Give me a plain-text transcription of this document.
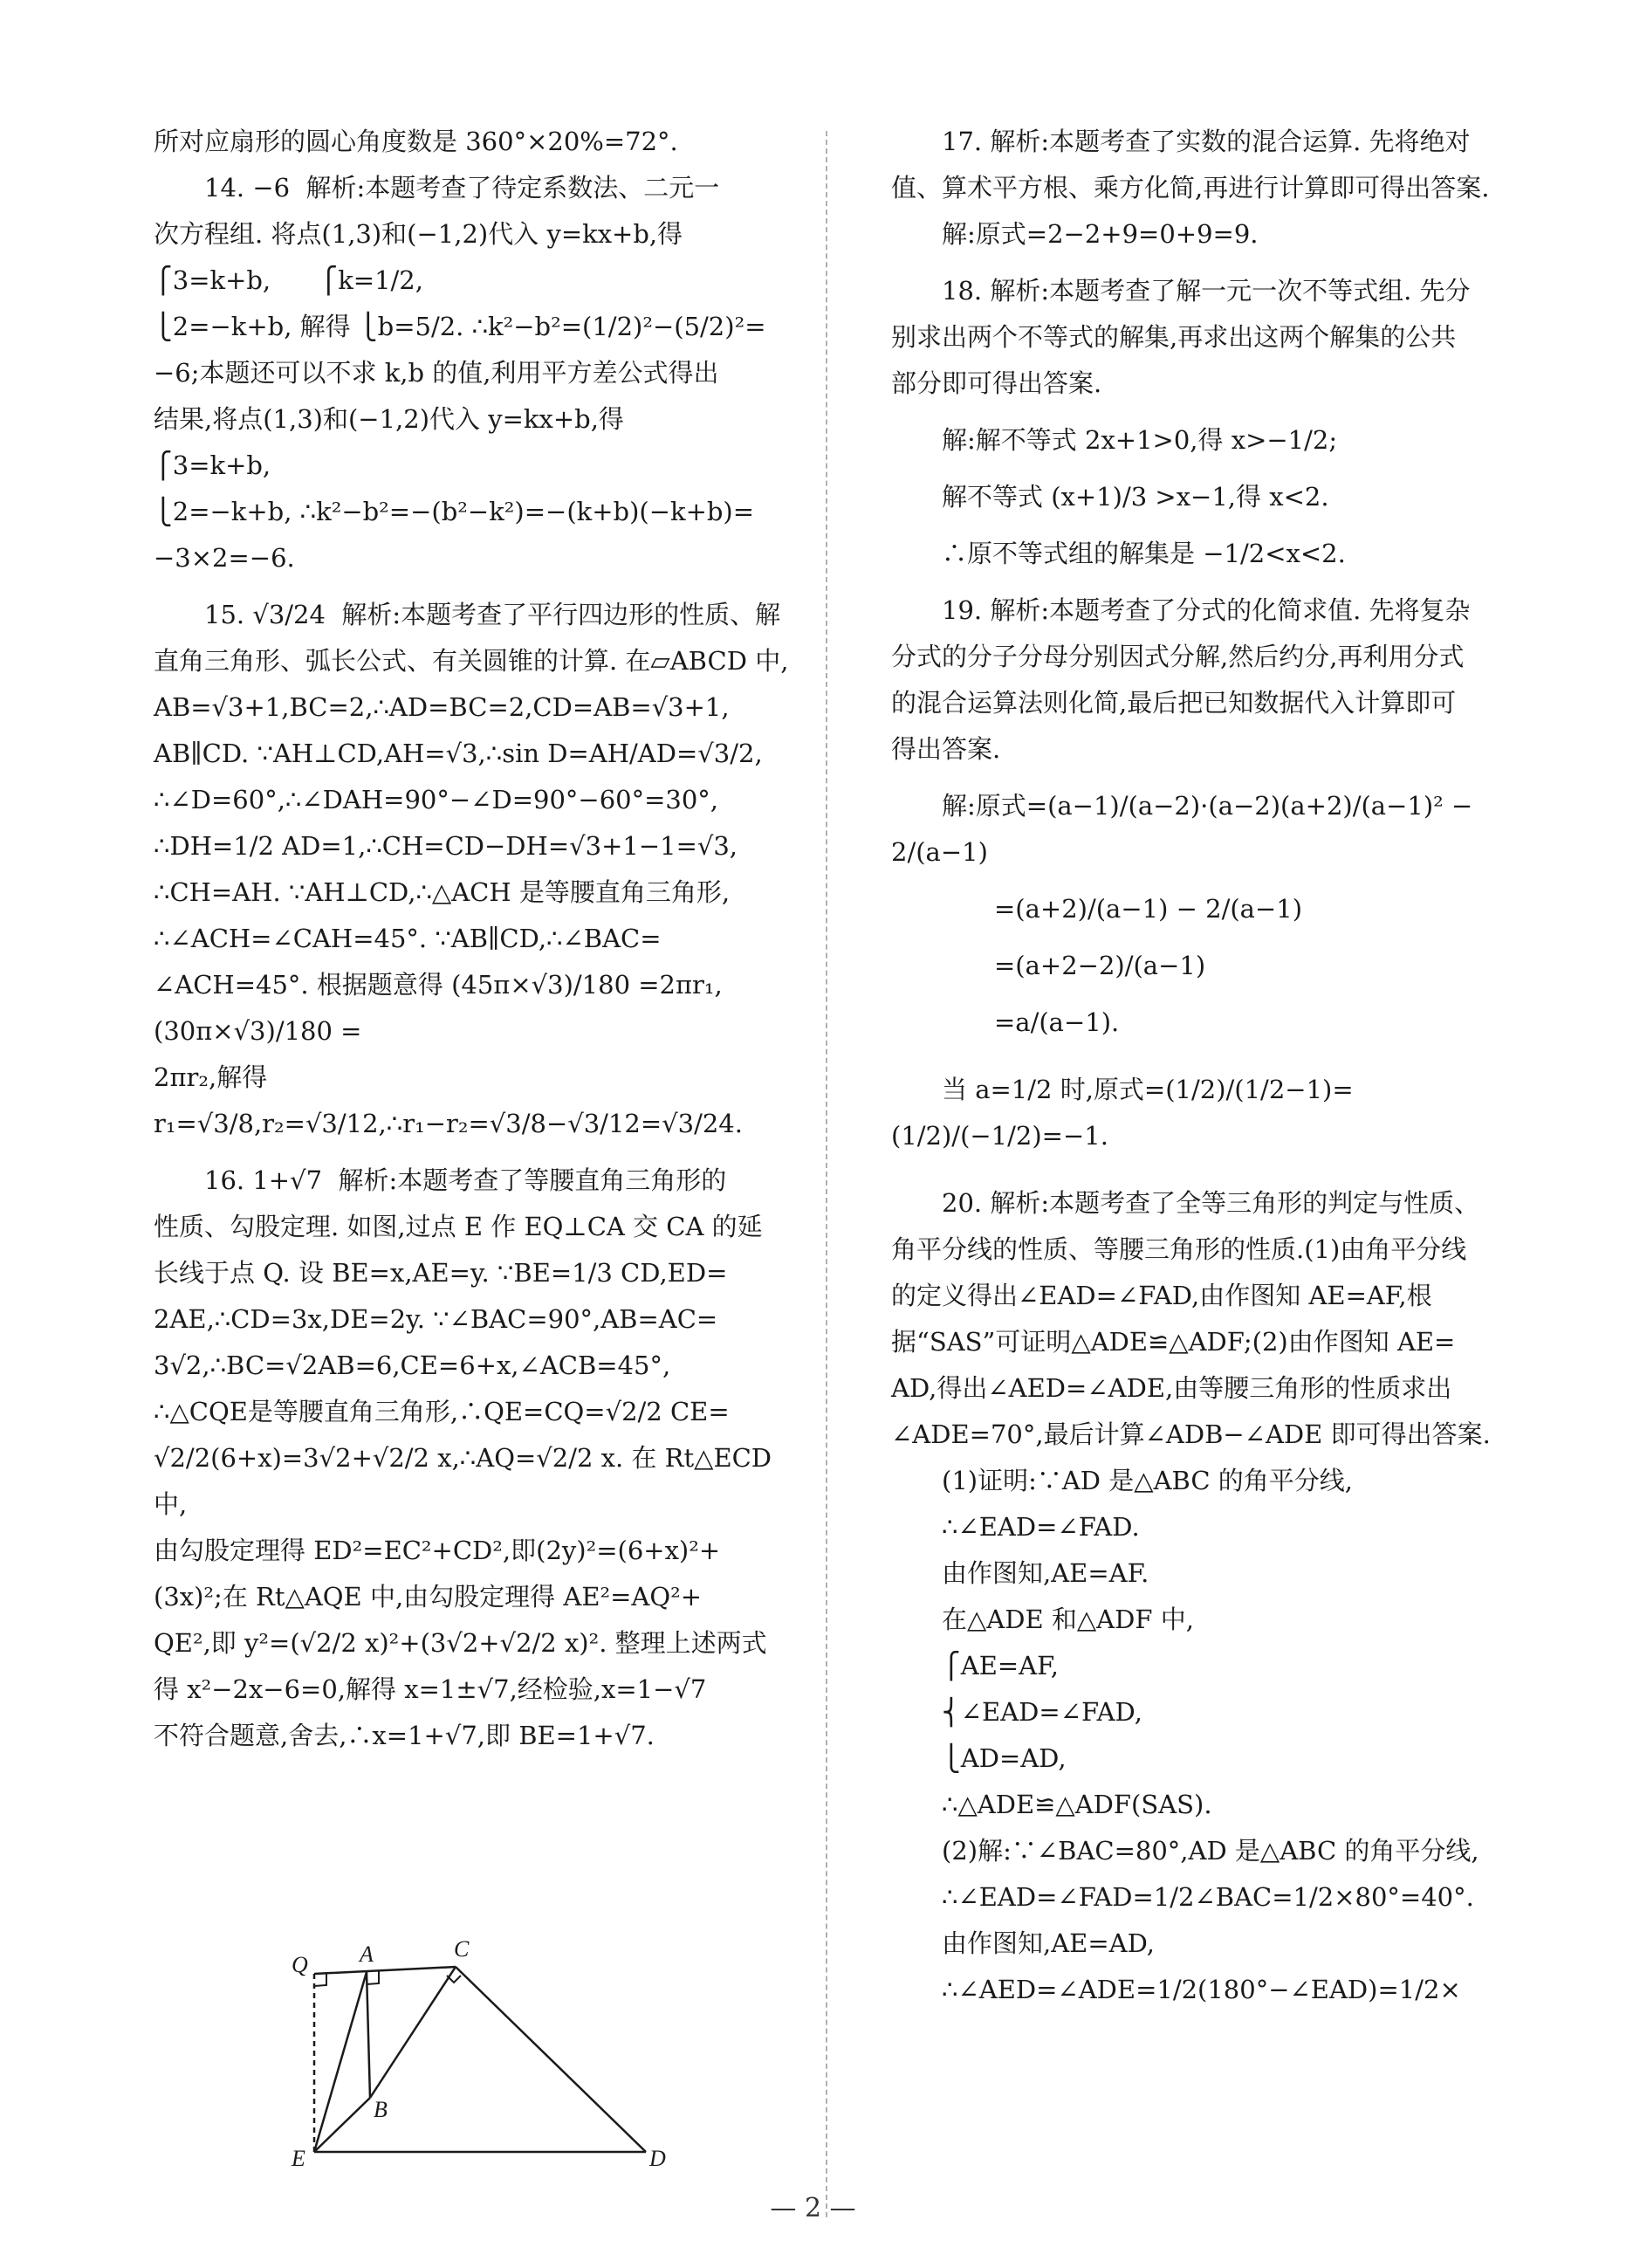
所对应扇形的圆心角度数是 360°×20%=72°.
14. −6  解析:本题考查了待定系数法、二元一
次方程组. 将点(1,3)和(−1,2)代入 y=kx+b,得
⎧3=k+b,      ⎧k=1/2,
⎩2=−k+b, 解得 ⎩b=5/2. ∴k²−b²=(1/2)²−(5/2)²=
−6;本题还可以不求 k,b 的值,利用平方差公式得出
结果,将点(1,3)和(−1,2)代入 y=kx+b,得
⎧3=k+b,
⎩2=−k+b, ∴k²−b²=−(b²−k²)=−(k+b)(−k+b)=
−3×2=−6.
15. √3/24  解析:本题考查了平行四边形的性质、解
直角三角形、弧长公式、有关圆锥的计算. 在▱ABCD 中,
AB=√3+1,BC=2,∴AD=BC=2,CD=AB=√3+1,
AB∥CD. ∵AH⊥CD,AH=√3,∴sin D=AH/AD=√3/2,
∴∠D=60°,∴∠DAH=90°−∠D=90°−60°=30°,
∴DH=1/2 AD=1,∴CH=CD−DH=√3+1−1=√3,
∴CH=AH. ∵AH⊥CD,∴△ACH 是等腰直角三角形,
∴∠ACH=∠CAH=45°. ∵AB∥CD,∴∠BAC=
∠ACH=45°. 根据题意得 (45π×√3)/180 =2πr₁, (30π×√3)/180 =
2πr₂,解得 r₁=√3/8,r₂=√3/12,∴r₁−r₂=√3/8−√3/12=√3/24.
16. 1+√7  解析:本题考查了等腰直角三角形的
性质、勾股定理. 如图,过点 E 作 EQ⊥CA 交 CA 的延
长线于点 Q. 设 BE=x,AE=y. ∵BE=1/3 CD,ED=
2AE,∴CD=3x,DE=2y. ∵∠BAC=90°,AB=AC=
3√2,∴BC=√2AB=6,CE=6+x,∠ACB=45°,
∴△CQE是等腰直角三角形,∴QE=CQ=√2/2 CE=
√2/2(6+x)=3√2+√2/2 x,∴AQ=√2/2 x. 在 Rt△ECD 中,
由勾股定理得 ED²=EC²+CD²,即(2y)²=(6+x)²+
(3x)²;在 Rt△AQE 中,由勾股定理得 AE²=AQ²+
QE²,即 y²=(√2/2 x)²+(3√2+√2/2 x)². 整理上述两式
得 x²−2x−6=0,解得 x=1±√7,经检验,x=1−√7
不符合题意,舍去,∴x=1+√7,即 BE=1+√7.
Q A	C
B
E	D
17. 解析:本题考查了实数的混合运算. 先将绝对
值、算术平方根、乘方化简,再进行计算即可得出答案.
解:原式=2−2+9=0+9=9.
18. 解析:本题考查了解一元一次不等式组. 先分
别求出两个不等式的解集,再求出这两个解集的公共
部分即可得出答案.
解:解不等式 2x+1>0,得 x>−1/2;
解不等式 (x+1)/3 >x−1,得 x<2.
∴原不等式组的解集是 −1/2<x<2.
19. 解析:本题考查了分式的化简求值. 先将复杂
分式的分子分母分别因式分解,然后约分,再利用分式
的混合运算法则化简,最后把已知数据代入计算即可
得出答案.
解:原式=(a−1)/(a−2)·(a−2)(a+2)/(a−1)² − 2/(a−1)
=(a+2)/(a−1) − 2/(a−1)
=(a+2−2)/(a−1)
=a/(a−1).
当 a=1/2 时,原式=(1/2)/(1/2−1)=(1/2)/(−1/2)=−1.
20. 解析:本题考查了全等三角形的判定与性质、
角平分线的性质、等腰三角形的性质.(1)由角平分线
的定义得出∠EAD=∠FAD,由作图知 AE=AF,根
据“SAS”可证明△ADE≌△ADF;(2)由作图知 AE=
AD,得出∠AED=∠ADE,由等腰三角形的性质求出
∠ADE=70°,最后计算∠ADB−∠ADE 即可得出答案.
(1)证明:∵AD 是△ABC 的角平分线,
∴∠EAD=∠FAD.
由作图知,AE=AF.
在△ADE 和△ADF 中,
⎧AE=AF,
⎨∠EAD=∠FAD,
⎩AD=AD,
∴△ADE≌△ADF(SAS).
(2)解:∵∠BAC=80°,AD 是△ABC 的角平分线,
∴∠EAD=∠FAD=1/2∠BAC=1/2×80°=40°.
由作图知,AE=AD,
∴∠AED=∠ADE=1/2(180°−∠EAD)=1/2×
— 2 —
